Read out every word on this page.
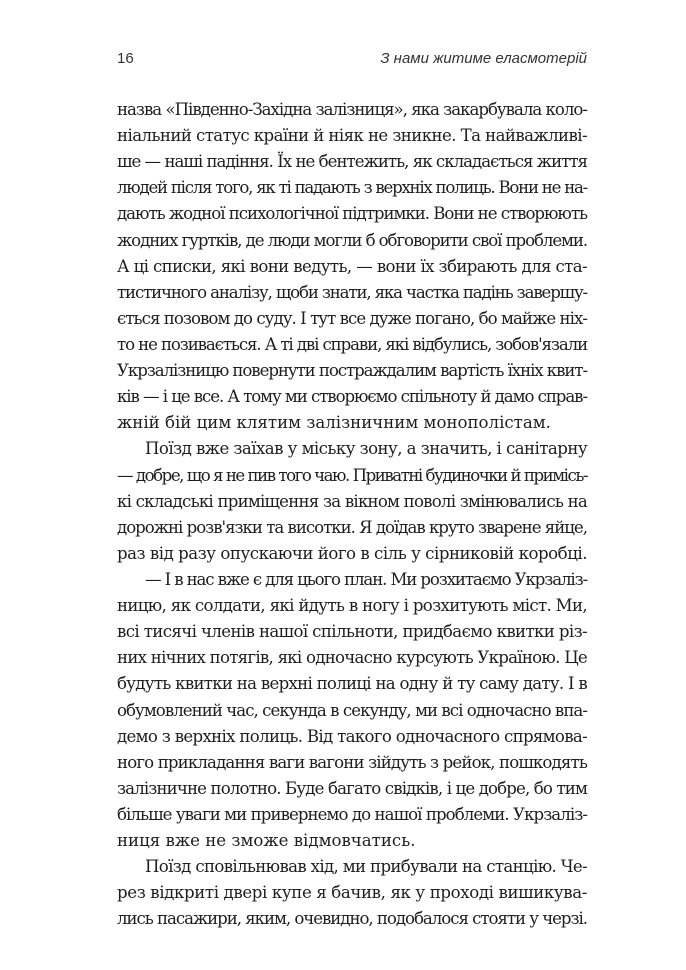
16	З нами житиме еласмотерій
назва «Південно-Західна залізниця», яка закарбувала коло-
ніальний статус країни й ніяк не зникне. Та найважливі-
ше — наші падіння. Їх не бентежить, як складається життя
людей після того, як ті падають з верхніх полиць. Вони не на-
дають жодної психологічної підтримки. Вони не створюють
жодних гуртків, де люди могли б обговорити свої проблеми.
А ці списки, які вони ведуть, — вони їх збирають для ста-
тистичного аналізу, щоби знати, яка частка падінь завершу-
ється позовом до суду. І тут все дуже погано, бо майже ніх-
то не позивається. А ті дві справи, які відбулись, зобов'язали
Укрзалізницю повернути постраждалим вартість їхніх квит-
ків — і це все. А тому ми створюємо спільноту й дамо справ-
жній бій цим клятим залізничним монополістам.
Поїзд вже заїхав у міську зону, а значить, і санітарну
— добре, що я не пив того чаю. Приватні будиночки й примісь-
кі складські приміщення за вікном поволі змінювались на
дорожні розв'язки та висотки. Я доїдав круто зварене яйце,
раз від разу опускаючи його в сіль у сірниковій коробці.
— І в нас вже є для цього план. Ми розхитаємо Укрзаліз-
ницю, як солдати, які йдуть в ногу і розхитують міст. Ми,
всі тисячі членів нашої спільноти, придбаємо квитки різ-
них нічних потягів, які одночасно курсують Україною. Це
будуть квитки на верхні полиці на одну й ту саму дату. І в
обумовлений час, секунда в секунду, ми всі одночасно впа-
демо з верхніх полиць. Від такого одночасного спрямова-
ного прикладання ваги вагони зійдуть з рейок, пошкодять
залізничне полотно. Буде багато свідків, і це добре, бо тим
більше уваги ми привернемо до нашої проблеми. Укрзаліз-
ниця вже не зможе відмовчатись.
Поїзд сповільнював хід, ми прибували на станцію. Че-
рез відкриті двері купе я бачив, як у проході вишикува-
лись пасажири, яким, очевидно, подобалося стояти у черзі.
